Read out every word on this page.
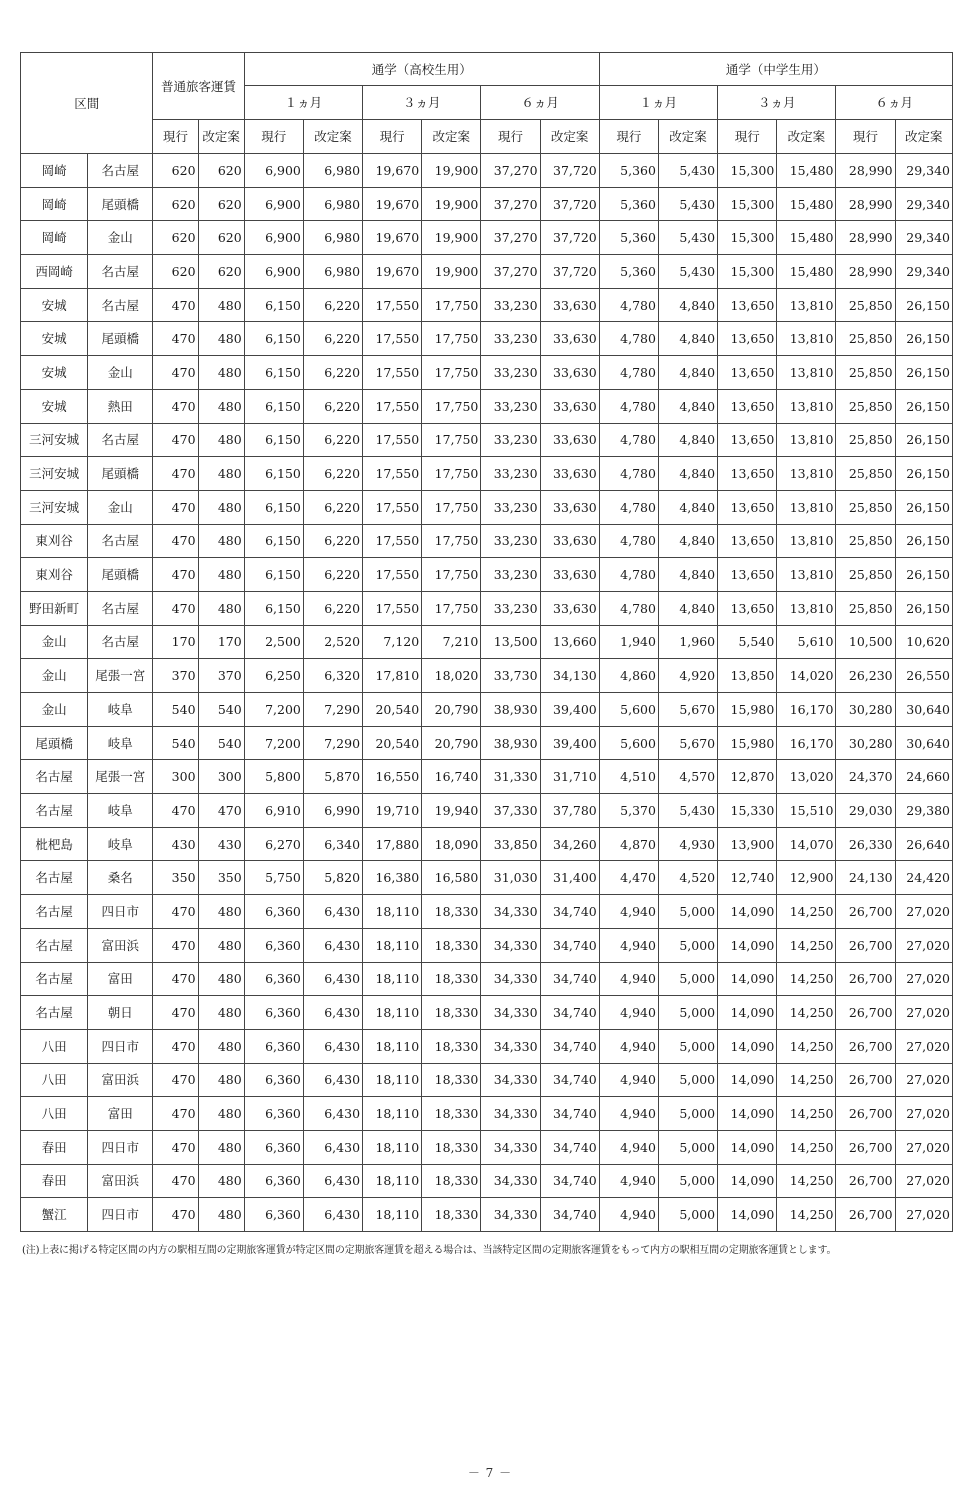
区間		普通旅客運賃		通学（高校生用）						通学（中学生用）					
				１ヵ月		３ヵ月		６ヵ月		１ヵ月		３ヵ月		６ヵ月	
		現行	改定案	現行	改定案	現行	改定案	現行	改定案	現行	改定案	現行	改定案	現行	改定案
岡崎	名古屋	620	620	6,900	6,980	19,670	19,900	37,270	37,720	5,360	5,430	15,300	15,480	28,990	29,340
岡崎	尾頭橋	620	620	6,900	6,980	19,670	19,900	37,270	37,720	5,360	5,430	15,300	15,480	28,990	29,340
岡崎	金山	620	620	6,900	6,980	19,670	19,900	37,270	37,720	5,360	5,430	15,300	15,480	28,990	29,340
西岡崎	名古屋	620	620	6,900	6,980	19,670	19,900	37,270	37,720	5,360	5,430	15,300	15,480	28,990	29,340
安城	名古屋	470	480	6,150	6,220	17,550	17,750	33,230	33,630	4,780	4,840	13,650	13,810	25,850	26,150
安城	尾頭橋	470	480	6,150	6,220	17,550	17,750	33,230	33,630	4,780	4,840	13,650	13,810	25,850	26,150
安城	金山	470	480	6,150	6,220	17,550	17,750	33,230	33,630	4,780	4,840	13,650	13,810	25,850	26,150
安城	熱田	470	480	6,150	6,220	17,550	17,750	33,230	33,630	4,780	4,840	13,650	13,810	25,850	26,150
三河安城	名古屋	470	480	6,150	6,220	17,550	17,750	33,230	33,630	4,780	4,840	13,650	13,810	25,850	26,150
三河安城	尾頭橋	470	480	6,150	6,220	17,550	17,750	33,230	33,630	4,780	4,840	13,650	13,810	25,850	26,150
三河安城	金山	470	480	6,150	6,220	17,550	17,750	33,230	33,630	4,780	4,840	13,650	13,810	25,850	26,150
東刈谷	名古屋	470	480	6,150	6,220	17,550	17,750	33,230	33,630	4,780	4,840	13,650	13,810	25,850	26,150
東刈谷	尾頭橋	470	480	6,150	6,220	17,550	17,750	33,230	33,630	4,780	4,840	13,650	13,810	25,850	26,150
野田新町	名古屋	470	480	6,150	6,220	17,550	17,750	33,230	33,630	4,780	4,840	13,650	13,810	25,850	26,150
金山	名古屋	170	170	2,500	2,520	7,120	7,210	13,500	13,660	1,940	1,960	5,540	5,610	10,500	10,620
金山	尾張一宮	370	370	6,250	6,320	17,810	18,020	33,730	34,130	4,860	4,920	13,850	14,020	26,230	26,550
金山	岐阜	540	540	7,200	7,290	20,540	20,790	38,930	39,400	5,600	5,670	15,980	16,170	30,280	30,640
尾頭橋	岐阜	540	540	7,200	7,290	20,540	20,790	38,930	39,400	5,600	5,670	15,980	16,170	30,280	30,640
名古屋	尾張一宮	300	300	5,800	5,870	16,550	16,740	31,330	31,710	4,510	4,570	12,870	13,020	24,370	24,660
名古屋	岐阜	470	470	6,910	6,990	19,710	19,940	37,330	37,780	5,370	5,430	15,330	15,510	29,030	29,380
枇杷島	岐阜	430	430	6,270	6,340	17,880	18,090	33,850	34,260	4,870	4,930	13,900	14,070	26,330	26,640
名古屋	桑名	350	350	5,750	5,820	16,380	16,580	31,030	31,400	4,470	4,520	12,740	12,900	24,130	24,420
名古屋	四日市	470	480	6,360	6,430	18,110	18,330	34,330	34,740	4,940	5,000	14,090	14,250	26,700	27,020
名古屋	富田浜	470	480	6,360	6,430	18,110	18,330	34,330	34,740	4,940	5,000	14,090	14,250	26,700	27,020
名古屋	富田	470	480	6,360	6,430	18,110	18,330	34,330	34,740	4,940	5,000	14,090	14,250	26,700	27,020
名古屋	朝日	470	480	6,360	6,430	18,110	18,330	34,330	34,740	4,940	5,000	14,090	14,250	26,700	27,020
八田	四日市	470	480	6,360	6,430	18,110	18,330	34,330	34,740	4,940	5,000	14,090	14,250	26,700	27,020
八田	富田浜	470	480	6,360	6,430	18,110	18,330	34,330	34,740	4,940	5,000	14,090	14,250	26,700	27,020
八田	富田	470	480	6,360	6,430	18,110	18,330	34,330	34,740	4,940	5,000	14,090	14,250	26,700	27,020
春田	四日市	470	480	6,360	6,430	18,110	18,330	34,330	34,740	4,940	5,000	14,090	14,250	26,700	27,020
春田	富田浜	470	480	6,360	6,430	18,110	18,330	34,330	34,740	4,940	5,000	14,090	14,250	26,700	27,020
蟹江	四日市	470	480	6,360	6,430	18,110	18,330	34,330	34,740	4,940	5,000	14,090	14,250	26,700	27,020
(注)上表に掲げる特定区間の内方の駅相互間の定期旅客運賃が特定区間の定期旅客運賃を超える場合は、当該特定区間の定期旅客運賃をもって内方の駅相互間の定期旅客運賃とします。
－ 7 －
